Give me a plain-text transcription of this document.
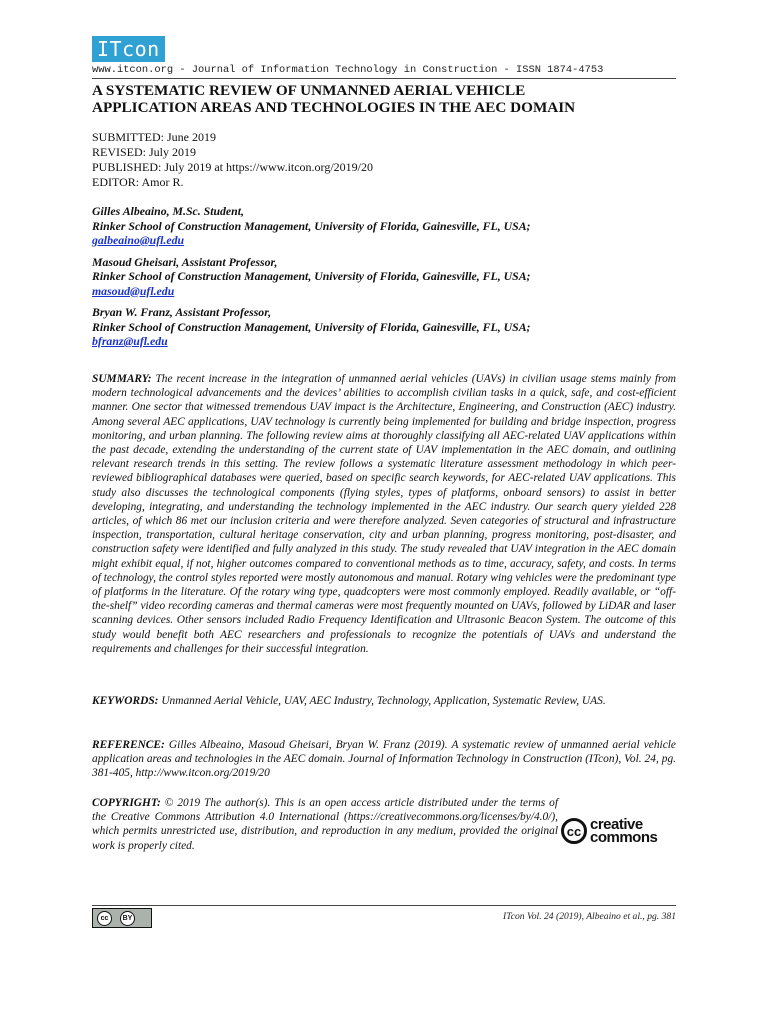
ITcon
www.itcon.org - Journal of Information Technology in Construction - ISSN 1874-4753
A SYSTEMATIC REVIEW OF UNMANNED AERIAL VEHICLE
APPLICATION AREAS AND TECHNOLOGIES IN THE AEC DOMAIN
SUBMITTED: June 2019
REVISED: July 2019
PUBLISHED: July 2019 at https://www.itcon.org/2019/20
EDITOR: Amor R.
Gilles Albeaino, M.Sc. Student,
Rinker School of Construction Management, University of Florida, Gainesville, FL, USA;
galbeaino@ufl.edu
Masoud Gheisari, Assistant Professor,
Rinker School of Construction Management, University of Florida, Gainesville, FL, USA;
masoud@ufl.edu
Bryan W. Franz, Assistant Professor,
Rinker School of Construction Management, University of Florida, Gainesville, FL, USA;
bfranz@ufl.edu
SUMMARY: The recent increase in the integration of unmanned aerial vehicles (UAVs) in civilian usage stems mainly from modern technological advancements and the devices’ abilities to accomplish civilian tasks in a quick, safe, and cost-efficient manner. One sector that witnessed tremendous UAV impact is the Architecture, Engineering, and Construction (AEC) industry. Among several AEC applications, UAV technology is currently being implemented for building and bridge inspection, progress monitoring, and urban planning. The following review aims at thoroughly classifying all AEC-related UAV applications within the past decade, extending the understanding of the current state of UAV implementation in the AEC domain, and outlining relevant research trends in this setting. The review follows a systematic literature assessment methodology in which peer-reviewed bibliographical databases were queried, based on specific search keywords, for AEC-related UAV applications. This study also discusses the technological components (flying styles, types of platforms, onboard sensors) to assist in better developing, integrating, and understanding the technology implemented in the AEC industry. Our search query yielded 228 articles, of which 86 met our inclusion criteria and were therefore analyzed. Seven categories of structural and infrastructure inspection, transportation, cultural heritage conservation, city and urban planning, progress monitoring, post-disaster, and construction safety were identified and fully analyzed in this study. The study revealed that UAV integration in the AEC domain might exhibit equal, if not, higher outcomes compared to conventional methods as to time, accuracy, safety, and costs. In terms of technology, the control styles reported were mostly autonomous and manual. Rotary wing vehicles were the predominant type of platforms in the literature. Of the rotary wing type, quadcopters were most commonly employed. Readily available, or “off-the-shelf” video recording cameras and thermal cameras were most frequently mounted on UAVs, followed by LiDAR and laser scanning devices. Other sensors included Radio Frequency Identification and Ultrasonic Beacon System. The outcome of this study would benefit both AEC researchers and professionals to recognize the potentials of UAVs and understand the requirements and challenges for their successful integration.
KEYWORDS: Unmanned Aerial Vehicle, UAV, AEC Industry, Technology, Application, Systematic Review, UAS.
REFERENCE: Gilles Albeaino, Masoud Gheisari, Bryan W. Franz (2019). A systematic review of unmanned aerial vehicle application areas and technologies in the AEC domain. Journal of Information Technology in Construction (ITcon), Vol. 24, pg. 381-405, http://www.itcon.org/2019/20
COPYRIGHT: © 2019 The author(s). This is an open access article distributed under the terms of the Creative Commons Attribution 4.0 International (https://creativecommons.org/licenses/by/4.0/), which permits unrestricted use, distribution, and reproduction in any medium, provided the original work is properly cited.
cc creative
commons
cc	BY	ITcon Vol. 24 (2019), Albeaino et al., pg. 381
